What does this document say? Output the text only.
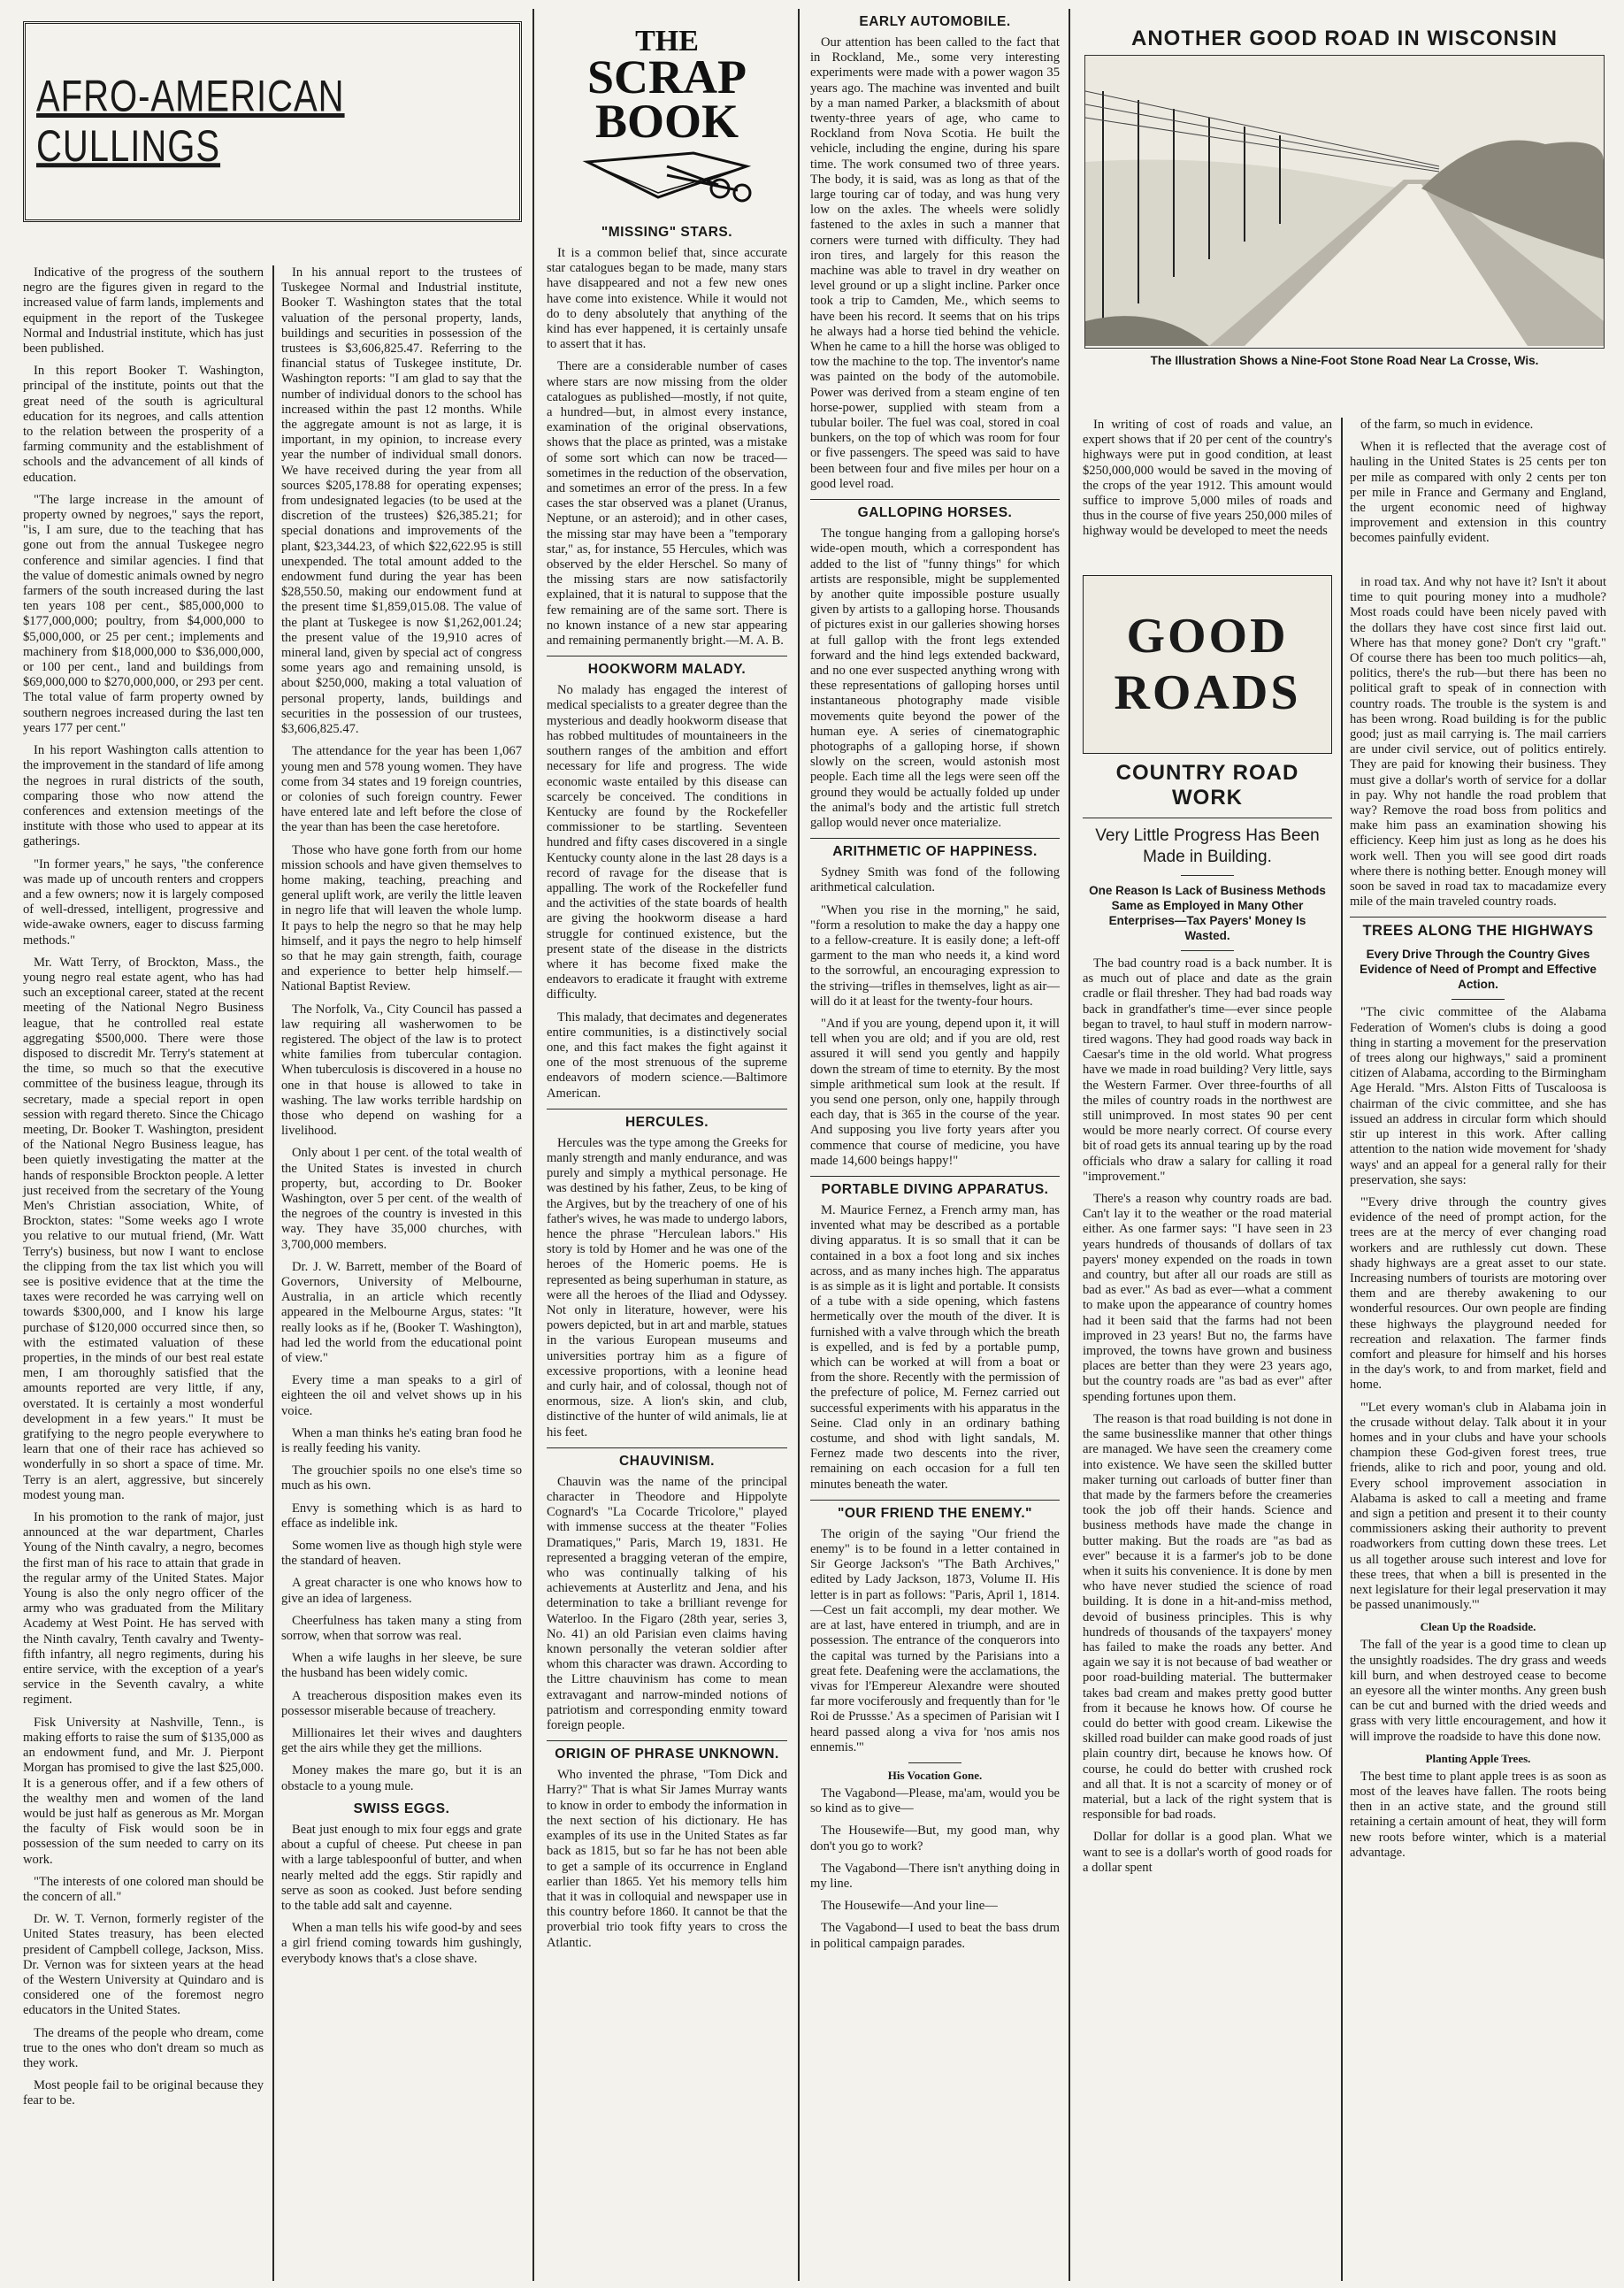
AFRO-AMERICAN CULLINGS

Indicative of the progress of the southern negro are the figures given in regard to the increased value of farm lands, implements and equipment in the report of the Tuskegee Normal and Industrial institute, which has just been published.

In this report Booker T. Washington, principal of the institute, points out that the great need of the south is agricultural education for its negroes, and calls attention to the relation between the prosperity of a farming community and the establishment of schools and the advancement of all kinds of education.

"The large increase in the amount of property owned by negroes," says the report, "is, I am sure, due to the teaching that has gone out from the annual Tuskegee negro conference and similar agencies. I find that the value of domestic animals owned by negro farmers of the south increased during the last ten years 108 per cent., $85,000,000 to $177,000,000; poultry, from $4,000,000 to $5,000,000, or 25 per cent.; implements and machinery from $18,000,000 to $36,000,000, or 100 per cent., land and buildings from $69,000,000 to $270,000,000, or 293 per cent. The total value of farm property owned by southern negroes increased during the last ten years 177 per cent."

In his report Washington calls attention to the improvement in the standard of life among the negroes in rural districts of the south, comparing those who now attend the conferences and extension meetings of the institute with those who used to appear at its gatherings.

"In former years," he says, "the conference was made up of uncouth renters and croppers and a few owners; now it is largely composed of well-dressed, intelligent, progressive and wide-awake owners, eager to discuss farming methods."

Mr. Watt Terry, of Brockton, Mass., the young negro real estate agent, who has had such an exceptional career, stated at the recent meeting of the National Negro Business league, that he controlled real estate aggregating $500,000. There were those disposed to discredit Mr. Terry's statement at the time, so much so that the executive committee of the business league, through its secretary, made a special report in open session with regard thereto. Since the Chicago meeting, Dr. Booker T. Washington, president of the National Negro Business league, has been quietly investigating the matter at the hands of responsible Brockton people. A letter just received from the secretary of the Young Men's Christian association, White, of Brockton, states: "Some weeks ago I wrote you relative to our mutual friend, (Mr. Watt Terry's) business, but now I want to enclose the clipping from the tax list which you will see is positive evidence that at the time the taxes were recorded he was carrying well on towards $300,000, and I know his large purchase of $120,000 occurred since then, so with the estimated valuation of these properties, in the minds of our best real estate men, I am thoroughly satisfied that the amounts reported are very little, if any, overstated. It is certainly a most wonderful development in a few years." It must be gratifying to the negro people everywhere to learn that one of their race has achieved so wonderfully in so short a space of time. Mr. Terry is an alert, aggressive, but sincerely modest young man.

In his promotion to the rank of major, just announced at the war department, Charles Young of the Ninth cavalry, a negro, becomes the first man of his race to attain that grade in the regular army of the United States. Major Young is also the only negro officer of the army who was graduated from the Military Academy at West Point. He has served with the Ninth cavalry, Tenth cavalry and Twenty-fifth infantry, all negro regiments, during his entire service, with the exception of a year's service in the Seventh cavalry, a white regiment.

Fisk University at Nashville, Tenn., is making efforts to raise the sum of $135,000 as an endowment fund, and Mr. J. Pierpont Morgan has promised to give the last $25,000. It is a generous offer, and if a few others of the wealthy men and women of the land would be just half as generous as Mr. Morgan the faculty of Fisk would soon be in possession of the sum needed to carry on its work.

"The interests of one colored man should be the concern of all."

Dr. W. T. Vernon, formerly register of the United States treasury, has been elected president of Campbell college, Jackson, Miss. Dr. Vernon was for sixteen years at the head of the Western University at Quindaro and is considered one of the foremost negro educators in the United States.

The dreams of the people who dream, come true to the ones who don't dream so much as they work.

Most people fail to be original because they fear to be.

In his annual report to the trustees of Tuskegee Normal and Industrial institute, Booker T. Washington states that the total valuation of the personal property, lands, buildings and securities in possession of the trustees is $3,606,825.47. Referring to the financial status of Tuskegee institute, Dr. Washington reports: "I am glad to say that the number of individual donors to the school has increased within the past 12 months. While the aggregate amount is not as large, it is important, in my opinion, to increase every year the number of individual small donors. We have received during the year from all sources $205,178.88 for operating expenses; from undesignated legacies (to be used at the discretion of the trustees) $26,385.21; for special donations and improvements of the plant, $23,344.23, of which $22,622.95 is still unexpended. The total amount added to the endowment fund during the year has been $28,550.50, making our endowment fund at the present time $1,859,015.08. The value of the plant at Tuskegee is now $1,262,001.24; the present value of the 19,910 acres of mineral land, given by special act of congress some years ago and remaining unsold, is about $250,000, making a total valuation of personal property, lands, buildings and securities in the possession of our trustees, $3,606,825.47.

The attendance for the year has been 1,067 young men and 578 young women. They have come from 34 states and 19 foreign countries, or colonies of such foreign country. Fewer have entered late and left before the close of the year than has been the case heretofore.

Those who have gone forth from our home mission schools and have given themselves to home making, teaching, preaching and general uplift work, are verily the little leaven in negro life that will leaven the whole lump. It pays to help the negro so that he may help himself, and it pays the negro to help himself so that he may gain strength, faith, courage and experience to better help himself.—National Baptist Review.

The Norfolk, Va., City Council has passed a law requiring all washerwomen to be registered. The object of the law is to protect white families from tubercular contagion. When tuberculosis is discovered in a house no one in that house is allowed to take in washing. The law works terrible hardship on those who depend on washing for a livelihood.

Only about 1 per cent. of the total wealth of the United States is invested in church property, but, according to Dr. Booker Washington, over 5 per cent. of the wealth of the negroes of the country is invested in this way. They have 35,000 churches, with 3,700,000 members.

Dr. J. W. Barrett, member of the Board of Governors, University of Melbourne, Australia, in an article which recently appeared in the Melbourne Argus, states: "It really looks as if he, (Booker T. Washington), had led the world from the educational point of view."

Every time a man speaks to a girl of eighteen the oil and velvet shows up in his voice.

When a man thinks he's eating bran food he is really feeding his vanity.

The grouchier spoils no one else's time so much as his own.

Envy is something which is as hard to efface as indelible ink.

Some women live as though high style were the standard of heaven.

A great character is one who knows how to give an idea of largeness.

Cheerfulness has taken many a sting from sorrow, when that sorrow was real.

When a wife laughs in her sleeve, be sure the husband has been widely comic.

A treacherous disposition makes even its possessor miserable because of treachery.

Millionaires let their wives and daughters get the airs while they get the millions.

Money makes the mare go, but it is an obstacle to a young mule.

SWISS EGGS.

Beat just enough to mix four eggs and grate about a cupful of cheese. Put cheese in pan with a large tablespoonful of butter, and when nearly melted add the eggs. Stir rapidly and serve as soon as cooked. Just before sending to the table add salt and cayenne.

When a man tells his wife good-by and sees a girl friend coming towards him gushingly, everybody knows that's a close shave.

THE
SCRAP
BOOK
"MISSING" STARS.

It is a common belief that, since accurate star catalogues began to be made, many stars have disappeared and not a few new ones have come into existence. While it would not do to deny absolutely that anything of the kind has ever happened, it is certainly unsafe to assert that it has.

There are a considerable number of cases where stars are now missing from the older catalogues as published—mostly, if not quite, a hundred—but, in almost every instance, examination of the original observations, shows that the place as printed, was a mistake of some sort which can now be traced—sometimes in the reduction of the observation, and sometimes an error of the press. In a few cases the star observed was a planet (Uranus, Neptune, or an asteroid); and in other cases, the missing star may have been a "temporary star," as, for instance, 55 Hercules, which was observed by the elder Herschel. So many of the missing stars are now satisfactorily explained, that it is natural to suppose that the few remaining are of the same sort. There is no known instance of a new star appearing and remaining permanently bright.—M. A. B.

HOOKWORM MALADY.

No malady has engaged the interest of medical specialists to a greater degree than the mysterious and deadly hookworm disease that has robbed multitudes of mountaineers in the southern ranges of the ambition and effort necessary for life and progress. The wide economic waste entailed by this disease can scarcely be conceived. The conditions in Kentucky are found by the Rockefeller commissioner to be startling. Seventeen hundred and fifty cases discovered in a single Kentucky county alone in the last 28 days is a record of ravage for the disease that is appalling. The work of the Rockefeller fund and the activities of the state boards of health are giving the hookworm disease a hard struggle for continued existence, but the present state of the disease in the districts where it has become fixed make the endeavors to eradicate it fraught with extreme difficulty.

This malady, that decimates and degenerates entire communities, is a distinctively social one, and this fact makes the fight against it one of the most strenuous of the supreme endeavors of modern science.—Baltimore American.

HERCULES.

Hercules was the type among the Greeks for manly strength and manly endurance, and was purely and simply a mythical personage. He was destined by his father, Zeus, to be king of the Argives, but by the treachery of one of his father's wives, he was made to undergo labors, hence the phrase "Herculean labors." His story is told by Homer and he was one of the heroes of the Homeric poems. He is represented as being superhuman in stature, as were all the heroes of the Iliad and Odyssey. Not only in literature, however, were his powers depicted, but in art and marble, statues in the various European museums and universities portray him as a figure of excessive proportions, with a leonine head and curly hair, and of colossal, though not of enormous, size. A lion's skin, and club, distinctive of the hunter of wild animals, lie at his feet.

CHAUVINISM.

Chauvin was the name of the principal character in Theodore and Hippolyte Cognard's "La Cocarde Tricolore," played with immense success at the theater "Folies Dramatiques," Paris, March 19, 1831. He represented a bragging veteran of the empire, who was continually talking of his achievements at Austerlitz and Jena, and his determination to take a brilliant revenge for Waterloo. In the Figaro (28th year, series 3, No. 41) an old Parisian even claims having known personally the veteran soldier after whom this character was drawn. According to the Littre chauvinism has come to mean extravagant and narrow-minded notions of patriotism and corresponding enmity toward foreign people.

ORIGIN OF PHRASE UNKNOWN.

Who invented the phrase, "Tom Dick and Harry?" That is what Sir James Murray wants to know in order to embody the information in the next section of his dictionary. He has examples of its use in the United States as far back as 1815, but so far he has not been able to get a sample of its occurrence in England earlier than 1865. Yet his memory tells him that it was in colloquial and newspaper use in this country before 1860. It cannot be that the proverbial trio took fifty years to cross the Atlantic.

EARLY AUTOMOBILE.

Our attention has been called to the fact that in Rockland, Me., some very interesting experiments were made with a power wagon 35 years ago. The machine was invented and built by a man named Parker, a blacksmith of about twenty-three years of age, who came to Rockland from Nova Scotia. He built the vehicle, including the engine, during his spare time. The work consumed two of three years. The body, it is said, was as long as that of the large touring car of today, and was hung very low on the axles. The wheels were solidly fastened to the axles in such a manner that corners were turned with difficulty. They had iron tires, and largely for this reason the machine was able to travel in dry weather on level ground or up a slight incline. Parker once took a trip to Camden, Me., which seems to have been his record. It seems that on his trips he always had a horse tied behind the vehicle. When he came to a hill the horse was obliged to tow the machine to the top. The inventor's name was painted on the body of the automobile. Power was derived from a steam engine of ten horse-power, supplied with steam from a tubular boiler. The fuel was coal, stored in coal bunkers, on the top of which was room for four or five passengers. The speed was said to have been between four and five miles per hour on a good level road.

GALLOPING HORSES.

The tongue hanging from a galloping horse's wide-open mouth, which a correspondent has added to the list of "funny things" for which artists are responsible, might be supplemented by another quite impossible posture usually given by artists to a galloping horse. Thousands of pictures exist in our galleries showing horses at full gallop with the front legs extended forward and the hind legs extended backward, and no one ever suspected anything wrong with these representations of galloping horses until instantaneous photography made visible movements quite beyond the power of the human eye. A series of cinematographic photographs of a galloping horse, if shown slowly on the screen, would astonish most people. Each time all the legs were seen off the ground they would be actually folded up under the animal's body and the artistic full stretch gallop would never once materialize.

ARITHMETIC OF HAPPINESS.

Sydney Smith was fond of the following arithmetical calculation.

"When you rise in the morning," he said, "form a resolution to make the day a happy one to a fellow-creature. It is easily done; a left-off garment to the man who needs it, a kind word to the sorrowful, an encouraging expression to the striving—trifles in themselves, light as air—will do it at least for the twenty-four hours.

"And if you are young, depend upon it, it will tell when you are old; and if you are old, rest assured it will send you gently and happily down the stream of time to eternity. By the most simple arithmetical sum look at the result. If you send one person, only one, happily through each day, that is 365 in the course of the year. And supposing you live forty years after you commence that course of medicine, you have made 14,600 beings happy!"

PORTABLE DIVING APPARATUS.

M. Maurice Fernez, a French army man, has invented what may be described as a portable diving apparatus. It is so small that it can be contained in a box a foot long and six inches across, and as many inches high. The apparatus is as simple as it is light and portable. It consists of a tube with a side opening, which fastens hermetically over the mouth of the diver. It is furnished with a valve through which the breath is expelled, and is fed by a portable pump, which can be worked at will from a boat or from the shore. Recently with the permission of the prefecture of police, M. Fernez carried out successful experiments with his apparatus in the Seine. Clad only in an ordinary bathing costume, and shod with light sandals, M. Fernez made two descents into the river, remaining on each occasion for a full ten minutes beneath the water.

"OUR FRIEND THE ENEMY."

The origin of the saying "Our friend the enemy" is to be found in a letter contained in Sir George Jackson's "The Bath Archives," edited by Lady Jackson, 1873, Volume II. His letter is in part as follows: "Paris, April 1, 1814.—Cest un fait accompli, my dear mother. We are at last, have entered in triumph, and are in possession. The entrance of the conquerors into the capital was turned by the Parisians into a great fete. Deafening were the acclamations, the vivas for l'Empereur Alexandre were shouted far more vociferously and frequently than for 'le Roi de Prussse.' As a specimen of Parisian wit I heard passed along a viva for 'nos amis nos ennemis.'"

His Vocation Gone.

The Vagabond—Please, ma'am, would you be so kind as to give—

The Housewife—But, my good man, why don't you go to work?

The Vagabond—There isn't anything doing in my line.

The Housewife—And your line—

The Vagabond—I used to beat the bass drum in political campaign parades.

ANOTHER GOOD ROAD IN WISCONSIN
The Illustration Shows a Nine-Foot Stone Road Near La Crosse, Wis.

In writing of cost of roads and value, an expert shows that if 20 per cent of the country's highways were put in good condition, at least $250,000,000 would be saved in the moving of the crops of the year 1912. This amount would suffice to improve 5,000 miles of roads and thus in the course of five years 250,000 miles of highway would be developed to meet the needs

of the farm, so much in evidence.

When it is reflected that the average cost of hauling in the United States is 25 cents per ton per mile as compared with only 2 cents per ton per mile in France and Germany and England, the urgent economic need of highway improvement and extension in this country becomes painfully evident.

GOOD
ROADS
COUNTRY ROAD WORK
Very Little Progress Has Been Made in Building.
One Reason Is Lack of Business Methods Same as Employed in Many Other Enterprises—Tax Payers' Money Is Wasted.

The bad country road is a back number. It is as much out of place and date as the grain cradle or flail thresher. They had bad roads way back in grandfather's time—ever since people began to travel, to haul stuff in modern narrow-tired wagons. They had good roads way back in Caesar's time in the old world. What progress have we made in road building? Very little, says the Western Farmer. Over three-fourths of all the miles of country roads in the northwest are still unimproved. In most states 90 per cent would be more nearly correct. Of course every bit of road gets its annual tearing up by the road officials who draw a salary for calling it road "improvement."

There's a reason why country roads are bad. Can't lay it to the weather or the road material either. As one farmer says: "I have seen in 23 years hundreds of thousands of dollars of tax payers' money expended on the roads in town and country, but after all our roads are still as bad as ever." As bad as ever—what a comment to make upon the appearance of country homes had it been said that the farms had not been improved in 23 years! But no, the farms have improved, the towns have grown and business places are better than they were 23 years ago, but the country roads are "as bad as ever" after spending fortunes upon them.

The reason is that road building is not done in the same businesslike manner that other things are managed. We have seen the creamery come into existence. We have seen the skilled butter maker turning out carloads of butter finer than that made by the farmers before the creameries took the job off their hands. Science and business methods have made the change in butter making. But the roads are "as bad as ever" because it is a farmer's job to be done when it suits his convenience. It is done by men who have never studied the science of road building. It is done in a hit-and-miss method, devoid of business principles. This is why hundreds of thousands of the taxpayers' money has failed to make the roads any better. And again we say it is not because of bad weather or poor road-building material. The buttermaker takes bad cream and makes pretty good butter from it because he knows how. Of course he could do better with good cream. Likewise the skilled road builder can make good roads of just plain country dirt, because he knows how. Of course, he could do better with crushed rock and all that. It is not a scarcity of money or of material, but a lack of the right system that is responsible for bad roads.

Dollar for dollar is a good plan. What we want to see is a dollar's worth of good roads for a dollar spent

in road tax. And why not have it? Isn't it about time to quit pouring money into a mudhole? Most roads could have been nicely paved with the dollars they have cost since first laid out. Where has that money gone? Don't cry "graft." Of course there has been too much politics—ah, politics, there's the rub—but there has been no political graft to speak of in connection with country roads. The trouble is the system is and has been wrong. Road building is for the public good; just as mail carrying is. The mail carriers are under civil service, out of politics entirely. They are paid for knowing their business. They must give a dollar's worth of service for a dollar in pay. Why not handle the road problem that way? Remove the road boss from politics and make him pass an examination showing his efficiency. Keep him just as long as he does his work well. Then you will see good dirt roads where there is nothing better. Enough money will soon be saved in road tax to macadamize every mile of the main traveled country roads.

TREES ALONG THE HIGHWAYS
Every Drive Through the Country Gives Evidence of Need of Prompt and Effective Action.

"The civic committee of the Alabama Federation of Women's clubs is doing a good thing in starting a movement for the preservation of trees along our highways," said a prominent citizen of Alabama, according to the Birmingham Age Herald. "Mrs. Alston Fitts of Tuscaloosa is chairman of the civic committee, and she has issued an address in circular form which should stir up interest in this work. After calling attention to the nation wide movement for 'shady ways' and an appeal for a general rally for their preservation, she says:

"'Every drive through the country gives evidence of the need of prompt action, for the trees are at the mercy of ever changing road workers and are ruthlessly cut down. These shady highways are a great asset to our state. Increasing numbers of tourists are motoring over them and are thereby awakening to our wonderful resources. Our own people are finding these highways the playground needed for recreation and relaxation. The farmer finds comfort and pleasure for himself and his horses in the day's work, to and from market, field and home.

"'Let every woman's club in Alabama join in the crusade without delay. Talk about it in your homes and in your clubs and have your schools champion these God-given forest trees, true friends, alike to rich and poor, young and old. Every school improvement association in Alabama is asked to call a meeting and frame and sign a petition and present it to their county commissioners asking their authority to prevent roadworkers from cutting down these trees. Let us all together arouse such interest and love for these trees, that when a bill is presented in the next legislature for their legal preservation it may be passed unanimously.'"

Clean Up the Roadside.

The fall of the year is a good time to clean up the unsightly roadsides. The dry grass and weeds kill burn, and when destroyed cease to become an eyesore all the winter months. Any green bush can be cut and burned with the dried weeds and grass with very little encouragement, and how it will improve the roadside to have this done now.

Planting Apple Trees.

The best time to plant apple trees is as soon as most of the leaves have fallen. The roots being then in an active state, and the ground still retaining a certain amount of heat, they will form new roots before winter, which is a material advantage.
